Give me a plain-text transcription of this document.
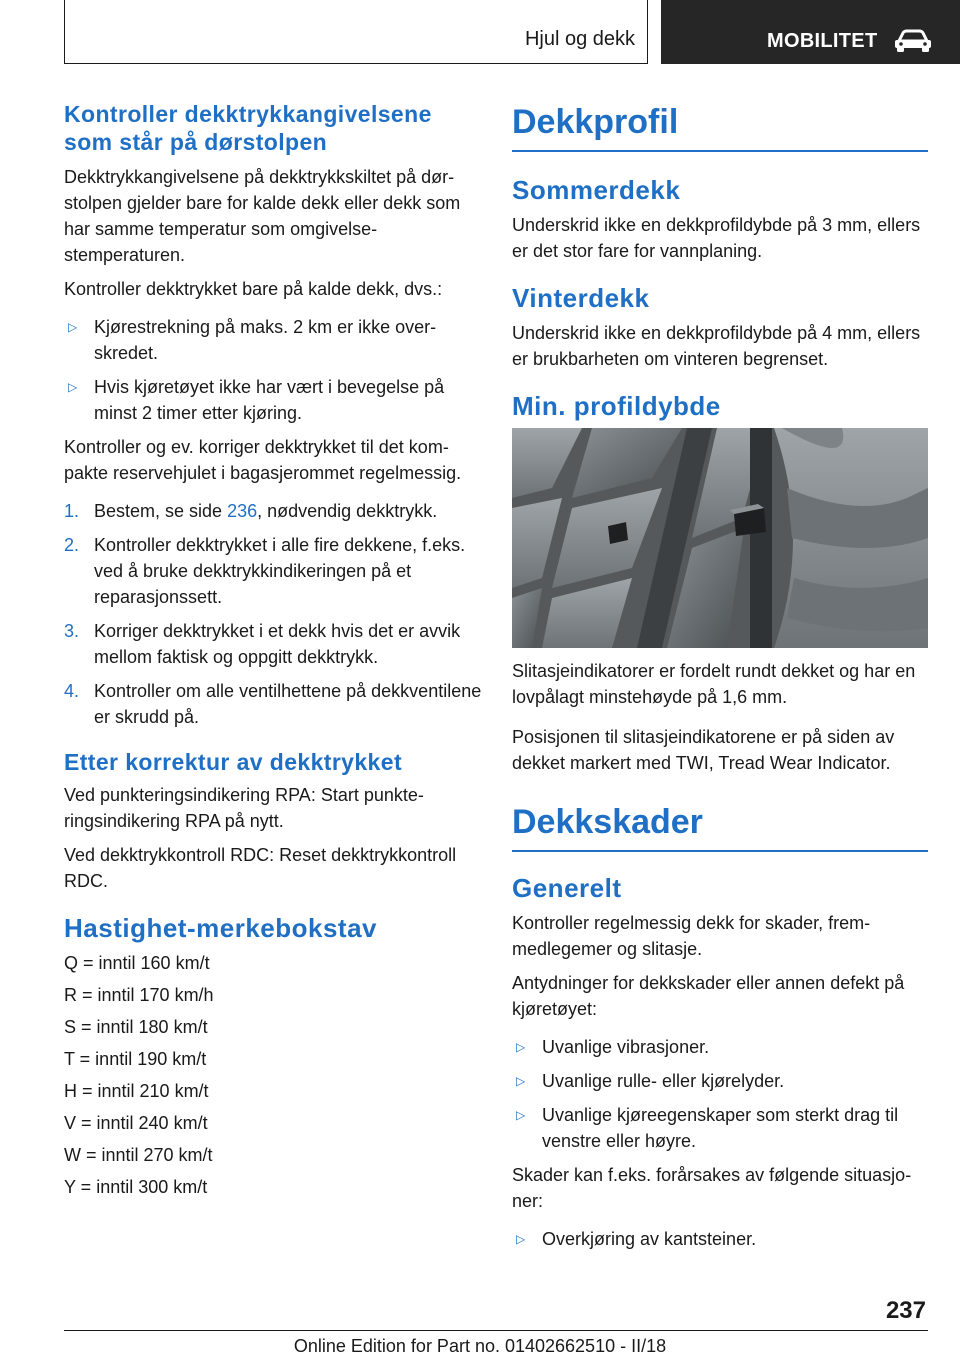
Hjul og dekk	MOBILITET
Kontroller dekktrykkangivelsene som står på dørstolpen

Dekktrykkangivelsene på dekktrykkskiltet på dørstolpen gjelder bare for kalde dekk eller dekk som har samme temperatur som omgivelsestemperaturen.

Kontroller dekktrykket bare på kalde dekk, dvs.:

▷ Kjørestrekning på maks. 2 km er ikke overskredet.
▷ Hvis kjøretøyet ikke har vært i bevegelse på minst 2 timer etter kjøring.

Kontroller og ev. korriger dekktrykket til det kompakte reservehjulet i bagasjerommet regelmessig.

1. Bestem, se side 236, nødvendig dekktrykk.
2. Kontroller dekktrykket i alle fire dekkene, f.eks. ved å bruke dekktrykkindikeringen på et reparasjonssett.
3. Korriger dekktrykket i et dekk hvis det er avvik mellom faktisk og oppgitt dekktrykk.
4. Kontroller om alle ventilhettene på dekkventilene er skrudd på.
Etter korrektur av dekktrykket

Ved punkteringsindikering RPA: Start punkteringsindikering RPA på nytt.

Ved dekktrykkontroll RDC: Reset dekktrykkontroll RDC.

Hastighet-merkebokstav
Q = inntil 160 km/t
R = inntil 170 km/h
S = inntil 180 km/t
T = inntil 190 km/t
H = inntil 210 km/t
V = inntil 240 km/t
W = inntil 270 km/t
Y = inntil 300 km/t
Dekkprofil
Sommerdekk

Underskrid ikke en dekkprofildybde på 3 mm, ellers er det stor fare for vannplaning.

Vinterdekk

Underskrid ikke en dekkprofildybde på 4 mm, ellers er brukbarheten om vinteren begrenset.

Min. profildybde

Slitasjeindikatorer er fordelt rundt dekket og har en lovpålagt minstehøyde på 1,6 mm.

Posisjonen til slitasjeindikatorene er på siden av dekket markert med TWI, Tread Wear Indicator.

Dekkskader
Generelt

Kontroller regelmessig dekk for skader, fremmedlegemer og slitasje.

Antydninger for dekkskader eller annen defekt på kjøretøyet:

▷ Uvanlige vibrasjoner.
▷ Uvanlige rulle- eller kjørelyder.
▷ Uvanlige kjøreegenskaper som sterkt drag til venstre eller høyre.

Skader kan f.eks. forårsakes av følgende situasjoner:

▷ Overkjøring av kantsteiner.
237
Online Edition for Part no. 01402662510 - II/18
